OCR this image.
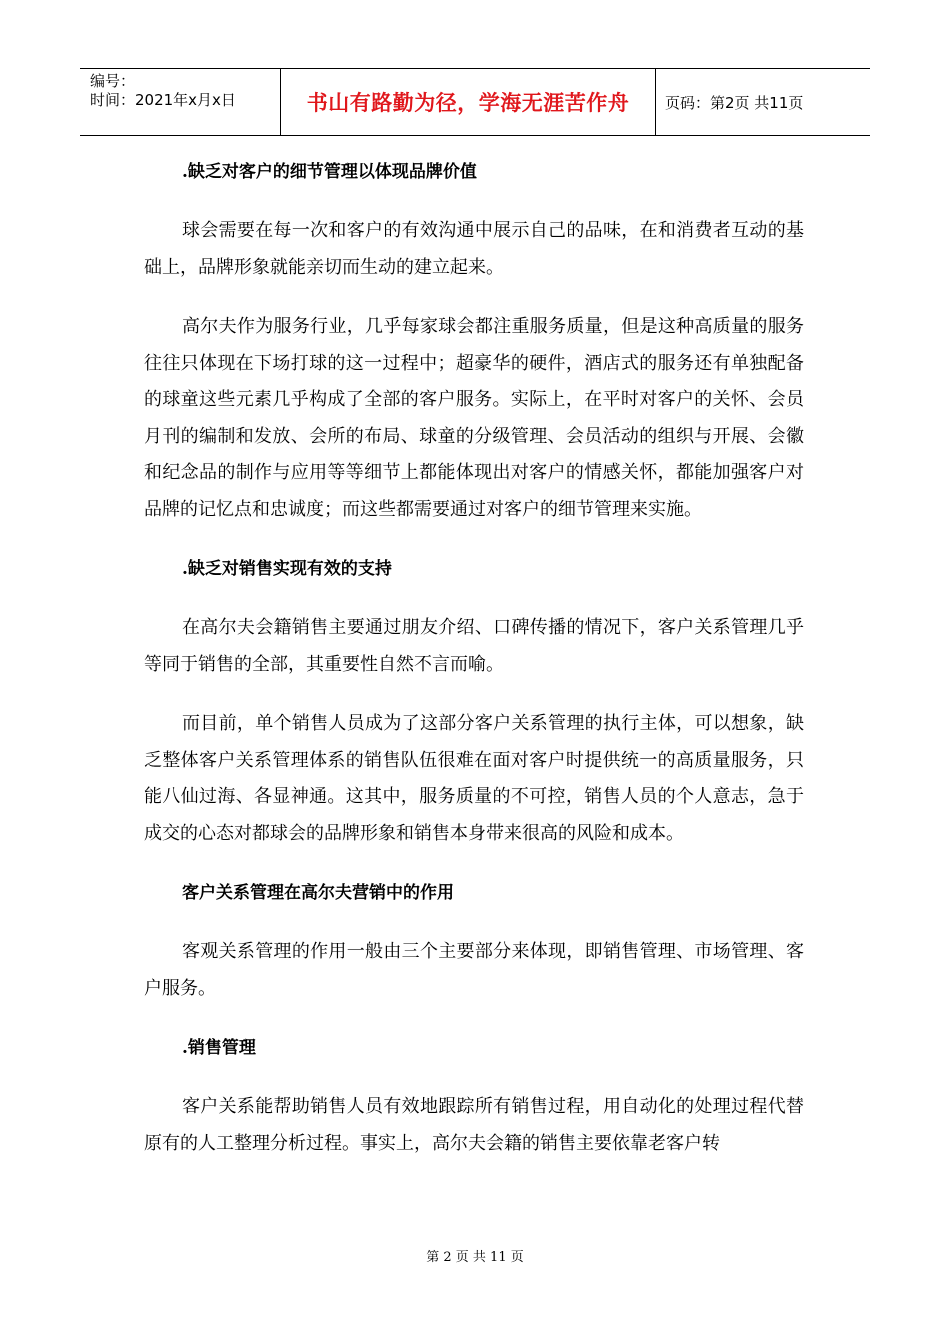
编号：
时间：2021年x月x日	书山有路勤为径，学海无涯苦作舟 页码：第2页 共11页
.缺乏对客户的细节管理以体现品牌价值

球会需要在每一次和客户的有效沟通中展示自己的品味，在和消费者互动的基础上，品牌形象就能亲切而生动的建立起来。

高尔夫作为服务行业，几乎每家球会都注重服务质量，但是这种高质量的服务往往只体现在下场打球的这一过程中；超豪华的硬件，酒店式的服务还有单独配备的球童这些元素几乎构成了全部的客户服务。实际上，在平时对客户的关怀、会员月刊的编制和发放、会所的布局、球童的分级管理、会员活动的组织与开展、会徽和纪念品的制作与应用等等细节上都能体现出对客户的情感关怀，都能加强客户对品牌的记忆点和忠诚度；而这些都需要通过对客户的细节管理来实施。

.缺乏对销售实现有效的支持

在高尔夫会籍销售主要通过朋友介绍、口碑传播的情况下，客户关系管理几乎等同于销售的全部，其重要性自然不言而喻。

而目前，单个销售人员成为了这部分客户关系管理的执行主体，可以想象，缺乏整体客户关系管理体系的销售队伍很难在面对客户时提供统一的高质量服务，只能八仙过海、各显神通。这其中，服务质量的不可控，销售人员的个人意志，急于成交的心态对都球会的品牌形象和销售本身带来很高的风险和成本。

客户关系管理在高尔夫营销中的作用

客观关系管理的作用一般由三个主要部分来体现，即销售管理、市场管理、客户服务。

.销售管理

客户关系能帮助销售人员有效地跟踪所有销售过程，用自动化的处理过程代替原有的人工整理分析过程。事实上，高尔夫会籍的销售主要依靠老客户转

第 2 页 共 11 页
